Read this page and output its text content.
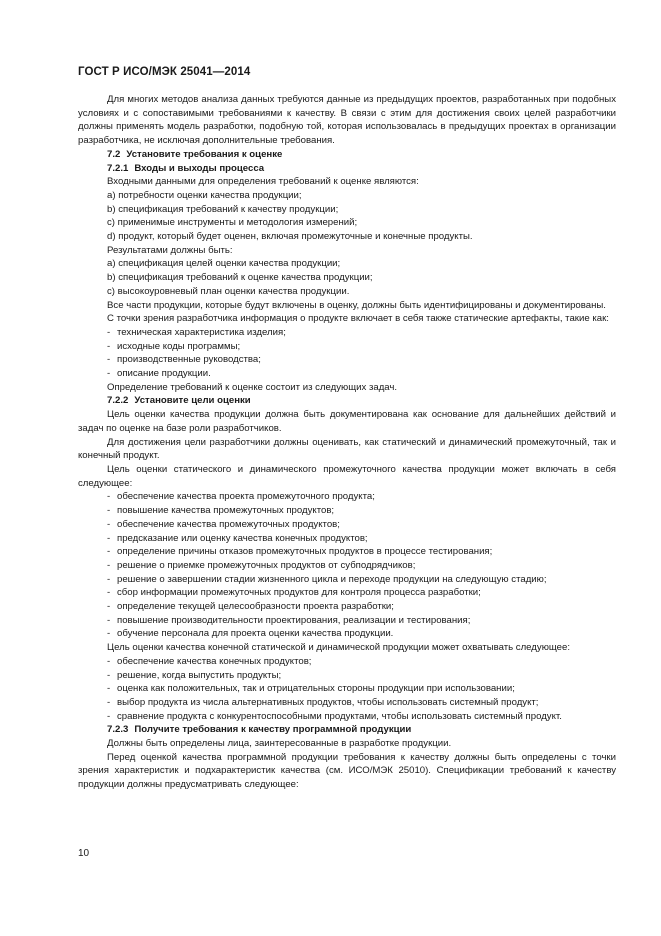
ГОСТ Р ИСО/МЭК 25041—2014

Для многих методов анализа данных требуются данные из предыдущих проектов, разработанных при подобных условиях и с сопоставимыми требованиями к качеству. В связи с этим для достижения своих целей разработчики должны применять модель разработки, подобную той, которая использовалась в предыдущих проектах в организации разработчика, не исключая дополнительные требования.

7.2 Установите требования к оценке

7.2.1 Входы и выходы процесса

Входными данными для определения требований к оценке являются:

а) потребности оценки качества продукции;

b) спецификация требований к качеству продукции;

с) применимые инструменты и методология измерений;

d) продукт, который будет оценен, включая промежуточные и конечные продукты.

Результатами должны быть:

а) спецификация целей оценки качества продукции;

b) спецификация требований к оценке качества продукции;

с) высокоуровневый план оценки качества продукции.

Все части продукции, которые будут включены в оценку, должны быть идентифицированы и документированы.

С точки зрения разработчика информация о продукте включает в себя также статические артефакты, такие как:

- техническая характеристика изделия;

- исходные коды программы;

- производственные руководства;

- описание продукции.

Определение требований к оценке состоит из следующих задач.

7.2.2 Установите цели оценки

Цель оценки качества продукции должна быть документирована как основание для дальнейших действий и задач по оценке на базе роли разработчиков.

Для достижения цели разработчики должны оценивать, как статический и динамический промежуточный, так и конечный продукт.

Цель оценки статического и динамического промежуточного качества продукции может включать в себя следующее:

- обеспечение качества проекта промежуточного продукта;

- повышение качества промежуточных продуктов;

- обеспечение качества промежуточных продуктов;

- предсказание или оценку качества конечных продуктов;

- определение причины отказов промежуточных продуктов в процессе тестирования;

- решение о приемке промежуточных продуктов от субподрядчиков;

- решение о завершении стадии жизненного цикла и переходе продукции на следующую стадию;

- сбор информации промежуточных продуктов для контроля процесса разработки;

- определение текущей целесообразности проекта разработки;

- повышение производительности проектирования, реализации и тестирования;

- обучение персонала для проекта оценки качества продукции.

Цель оценки качества конечной статической и динамической продукции может охватывать следующее:

- обеспечение качества конечных продуктов;

- решение, когда выпустить продукты;

- оценка как положительных, так и отрицательных стороны продукции при использовании;

- выбор продукта из числа альтернативных продуктов, чтобы использовать системный продукт;

- сравнение продукта с конкурентоспособными продуктами, чтобы использовать системный продукт.

7.2.3 Получите требования к качеству программной продукции

Должны быть определены лица, заинтересованные в разработке продукции.

Перед оценкой качества программной продукции требования к качеству должны быть определены с точки зрения характеристик и подхарактеристик качества (см. ИСО/МЭК 25010). Спецификации требований к качеству продукции должны предусматривать следующее:

10
